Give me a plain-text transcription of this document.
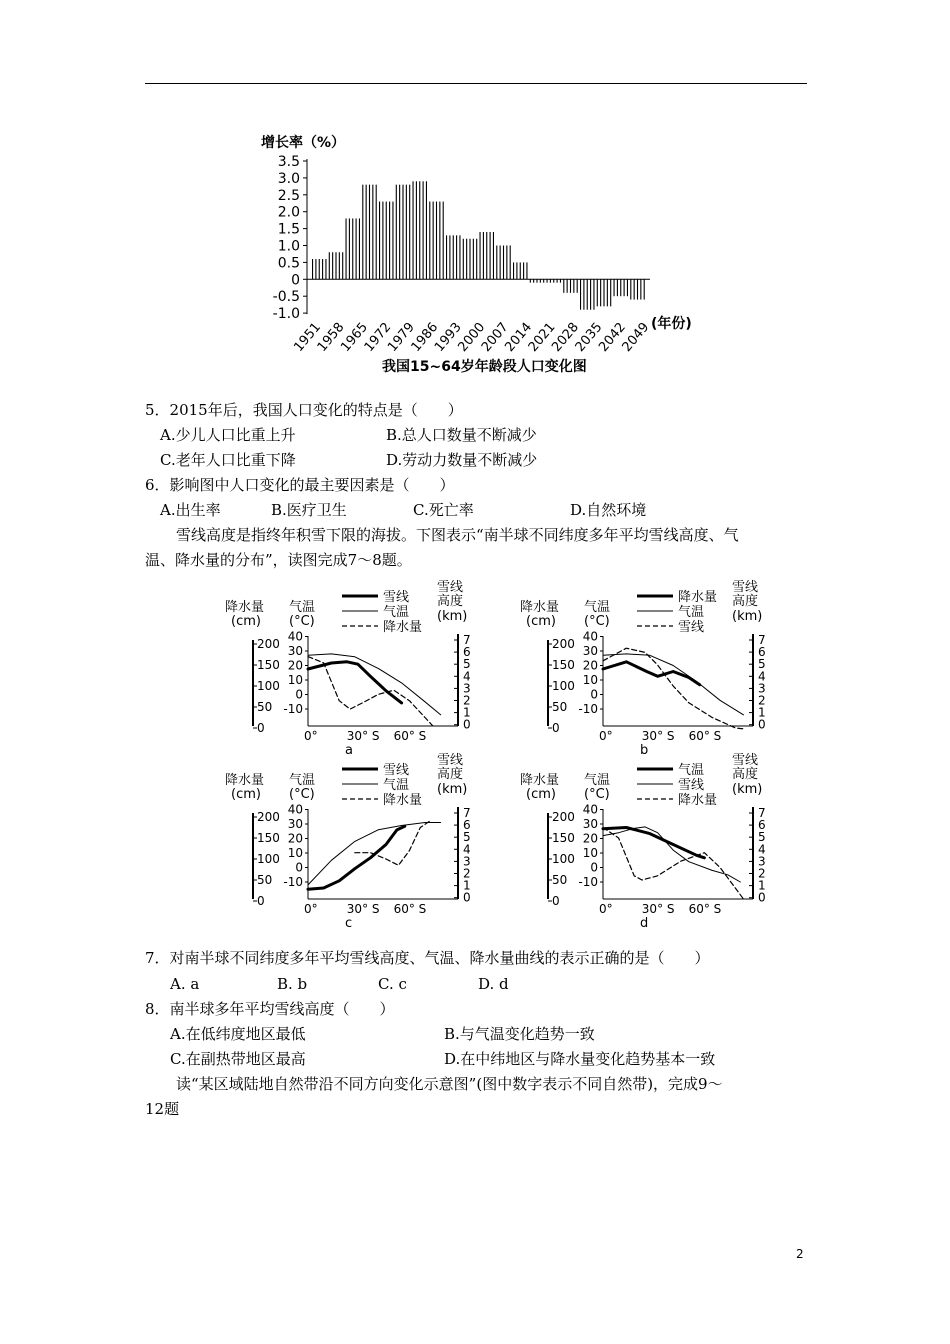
增长率（%）
3.5
3.0
2.5
2.0
1.5
1.0
0.5
0
-0.5
-1.0
1951
1958
1965
1972
1979
1986
1993
2000
2007
2014
2021
2028
2035
2042
2049
(年份)
我国15~64岁年龄段人口变化图
5．2015年后，我国人口变化的特点是（　　）
A.少儿人口比重上升	B.总人口数量不断减少
C.老年人口比重下降	D.劳动力数量不断减少
6．影响图中人口变化的最主要因素是（　　）
A.出生率	B.医疗卫生	C.死亡率	D.自然环境
雪线高度是指终年积雪下限的海拔。下图表示“南半球不同纬度多年平均雪线高度、气
温、降水量的分布”，读图完成7～8题。
降水量
(cm)
气温
(°C)
雪线
高度
(km)
雪线
气温
降水量
200
150
100
50
0
40
30
20
10
0
-10
7
6
5
4
3
2
1
0
0° 30° S 60° S
a
降水量
(cm)
气温
(°C)
雪线
高度
(km)
降水量
气温
雪线
200
150
100
50
0
40
30
20
10
0
-10
7
6
5
4
3
2
1
0
0° 30° S 60° S
b
降水量
(cm)
气温
(°C)
雪线
高度
(km)
雪线
气温
降水量
200
150
100
50
0
40
30
20
10
0
-10
7
6
5
4
3
2
1
0
0° 30° S 60° S
c
降水量
(cm)
气温
(°C)
雪线
高度
(km)
气温
雪线
降水量
200
150
100
50
0
40
30
20
10
0
-10
7
6
5
4
3
2
1
0
0° 30° S 60° S
d
7．对南半球不同纬度多年平均雪线高度、气温、降水量曲线的表示正确的是（　　）
A. a	B. b	C. c	D. d
8．南半球多年平均雪线高度（　　）
A.在低纬度地区最低	B.与气温变化趋势一致
C.在副热带地区最高	D.在中纬地区与降水量变化趋势基本一致
读“某区域陆地自然带沿不同方向变化示意图”(图中数字表示不同自然带)，完成9～
12题
2
